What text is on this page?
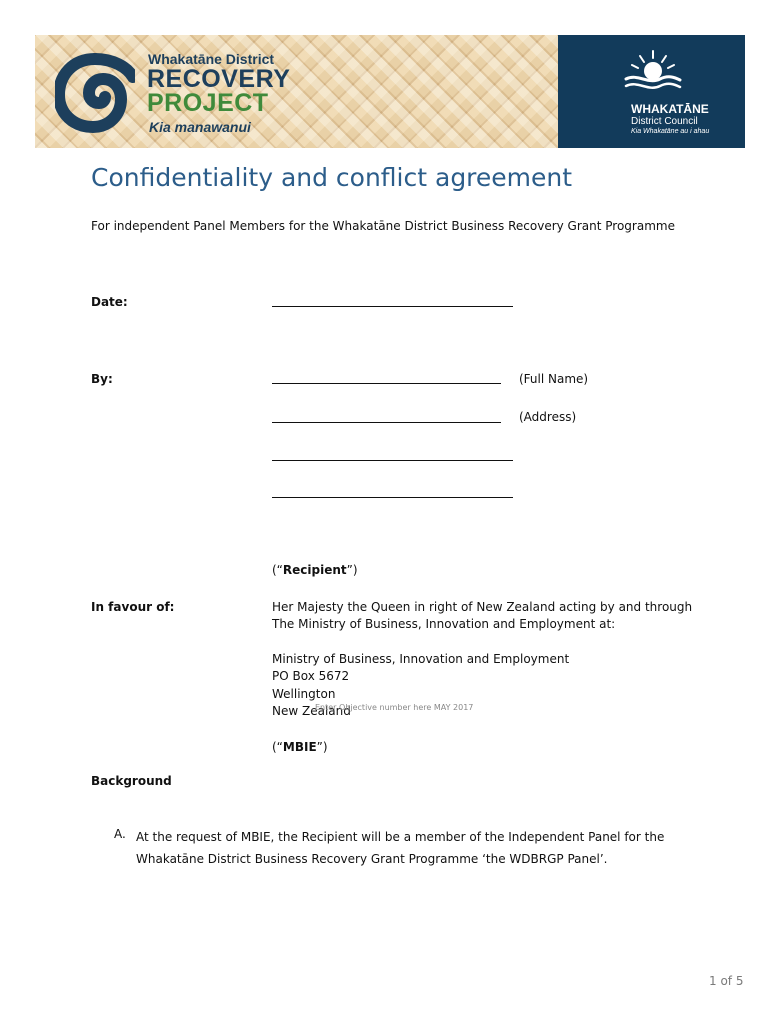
Whakatāne District
RECOVERY
PROJECT
Kia manawanui
WHAKATĀNE
District Council
Kia Whakatāne au i ahau
Confidentiality and conflict agreement
For independent Panel Members for the Whakatāne District Business Recovery Grant Programme
Date:
By:	(Full Name)
(Address)
(“Recipient”)
In favour of:	Her Majesty the Queen in right of New Zealand acting by and through
The Ministry of Business, Innovation and Employment at:
Ministry of Business, Innovation and Employment
PO Box 5672
Wellington
New Zealand
Enter Objective number here MAY 2017
(“MBIE”)
Background
A. At the request of MBIE, the Recipient will be a member of the Independent Panel for the
Whakatāne District Business Recovery Grant Programme ‘the WDBRGP Panel’.
1 of 5
